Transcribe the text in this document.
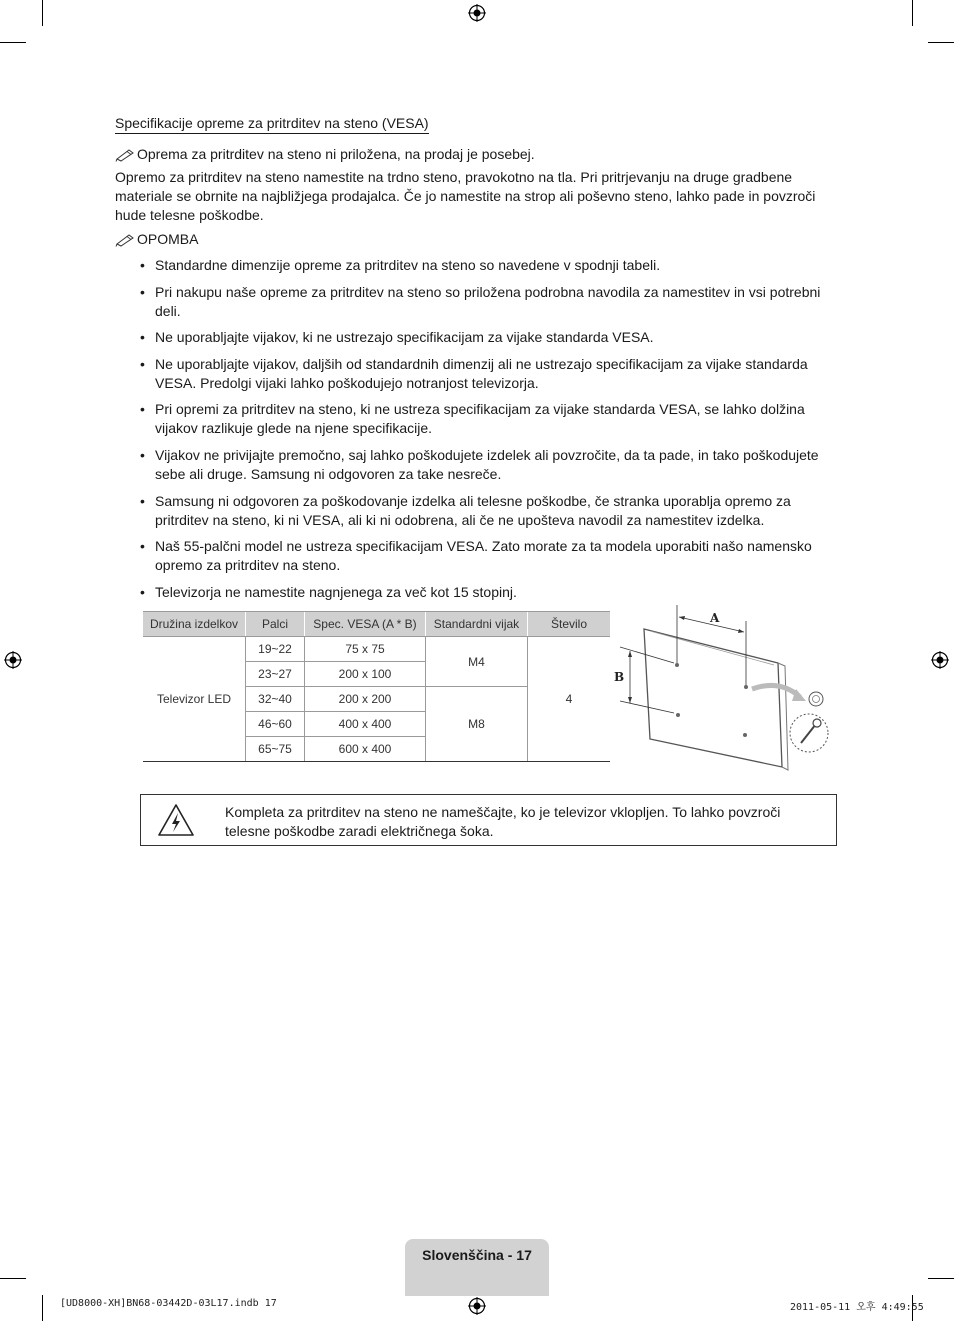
Specifikacije opreme za pritrditev na steno (VESA)
Oprema za pritrditev na steno ni priložena, na prodaj je posebej.
Opremo za pritrditev na steno namestite na trdno steno, pravokotno na tla. Pri pritrjevanju na druge gradbene materiale se obrnite na najbližjega prodajalca. Če jo namestite na strop ali poševno steno, lahko pade in povzroči hude telesne poškodbe.
OPOMBA
• Standardne dimenzije opreme za pritrditev na steno so navedene v spodnji tabeli.
• Pri nakupu naše opreme za pritrditev na steno so priložena podrobna navodila za namestitev in vsi potrebni deli.
• Ne uporabljajte vijakov, ki ne ustrezajo specifikacijam za vijake standarda VESA.
• Ne uporabljajte vijakov, daljših od standardnih dimenzij ali ne ustrezajo specifikacijam za vijake standarda VESA. Predolgi vijaki lahko poškodujejo notranjost televizorja.
• Pri opremi za pritrditev na steno, ki ne ustreza specifikacijam za vijake standarda VESA, se lahko dolžina vijakov razlikuje glede na njene specifikacije.
• Vijakov ne privijajte premočno, saj lahko poškodujete izdelek ali povzročite, da ta pade, in tako poškodujete sebe ali druge. Samsung ni odgovoren za take nesreče.
• Samsung ni odgovoren za poškodovanje izdelka ali telesne poškodbe, če stranka uporablja opremo za pritrditev na steno, ki ni VESA, ali ki ni odobrena, ali če ne upošteva navodil za namestitev izdelka.
• Naš 55-palčni model ne ustreza specifikacijam VESA. Zato morate za ta modela uporabiti našo namensko opremo za pritrditev na steno.
• Televizorja ne namestite nagnjenega za več kot 15 stopinj.
Družina izdelkov	Palci	Spec. VESA (A * B)	Standardni vijak	Število
Televizor LED	19~22	75 x 75	M4	4
	23~27	200 x 100		
	32~40	200 x 200	M8	
	46~60	400 x 400		
	65~75	600 x 400		
A
B
Kompleta za pritrditev na steno ne nameščajte, ko je televizor vklopljen. To lahko povzroči telesne poškodbe zaradi električnega šoka.
Slovenščina - 17
[UD8000-XH]BN68-03442D-03L17.indb 17	2011-05-11 오후 4:49:55
